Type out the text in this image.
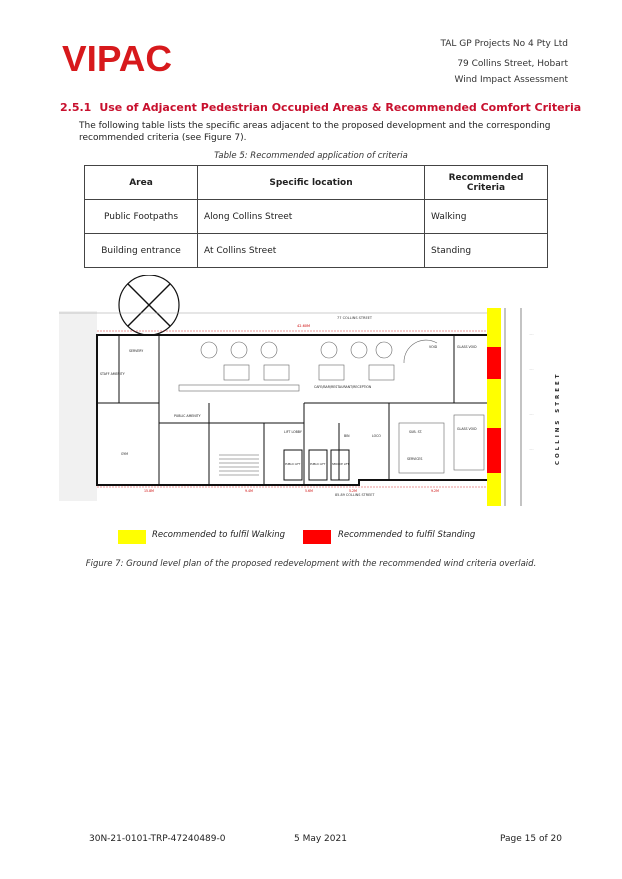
VIPAC	TAL GP Projects No 4 Pty Ltd
79 Collins Street, Hobart
Wind Impact Assessment
2.5.1 Use of Adjacent Pedestrian Occupied Areas & Recommended Comfort Criteria
The following table lists the specific areas adjacent to the proposed development and the corresponding recommended criteria (see Figure 7).
Table 5: Recommended application of criteria
Area	Specific location	Recommended Criteria
Public Footpaths	Along Collins Street	Walking
Building entrance	At Collins Street	Standing
77 COLLINS STREET
42.60M
SERVERY
STAFF AMENITY
PUBLIC AMENITY
GYM
LIFT LOBBY
CAFE/BAR/RESTAURANT/RECEPTION
VOID	GLASS VOID
GLASS VOID
SUB. ST.
SERVICES
BIN	LOCO
PUBLIC LIFT	PUBLIC LIFT	SERVICE LIFT
15.8M	9.4M	5.6M	5.2M	9.2M
85-89 COLLINS STREET
······
······
······
······	COLLINS STREET
Recommended to fulfil Walking	Recommended to fulfil Standing
Figure 7: Ground level plan of the proposed redevelopment with the recommended wind criteria overlaid.
30N-21-0101-TRP-47240489-0	5 May 2021	Page 15 of 20
